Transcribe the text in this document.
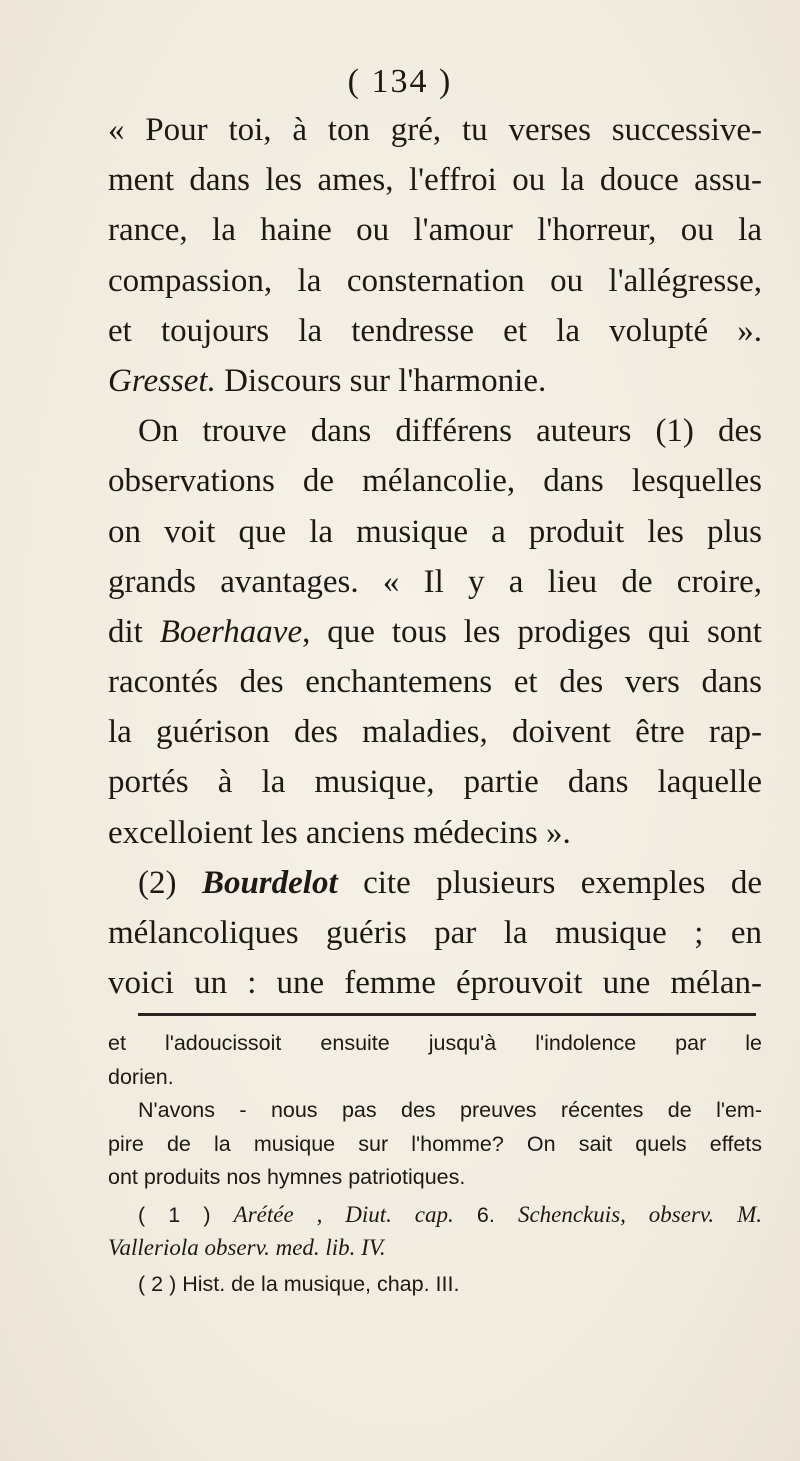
( 134 )
« Pour toi, à ton gré, tu verses successive-
ment dans les ames, l'effroi ou la douce assu-
rance, la haine ou l'amour l'horreur, ou la
compassion, la consternation ou l'allégresse,
et toujours la tendresse et la volupté ».
Gresset. Discours sur l'harmonie.
On trouve dans différens auteurs (1) des
observations de mélancolie, dans lesquelles
on voit que la musique a produit les plus
grands avantages. « Il y a lieu de croire,
dit Boerhaave, que tous les prodiges qui sont
racontés des enchantemens et des vers dans
la guérison des maladies, doivent être rap-
portés à la musique, partie dans laquelle
excelloient les anciens médecins ».
(2) Bourdelot cite plusieurs exemples de
mélancoliques guéris par la musique ; en
voici un : une femme éprouvoit une mélan-
et l'adoucissoit ensuite jusqu'à l'indolence par le
dorien.
N'avons - nous pas des preuves récentes de l'em-
pire de la musique sur l'homme? On sait quels effets
ont produits nos hymnes patriotiques.
( 1 ) Arétée , Diut. cap. 6. Schenckuis, observ. M.
Valleriola observ. med. lib. IV.
( 2 ) Hist. de la musique, chap. III.
